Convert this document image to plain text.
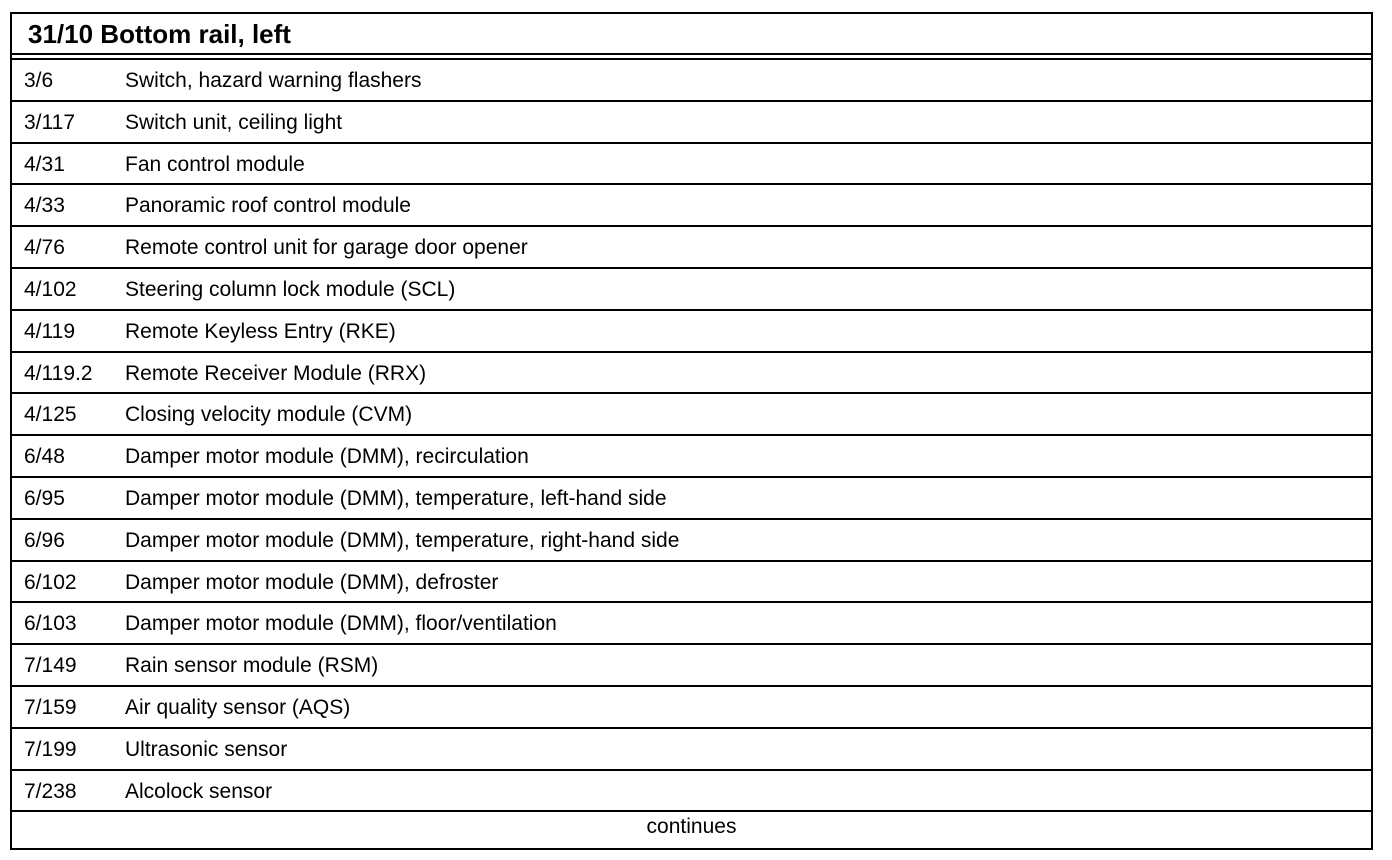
31/10 Bottom rail, left
3/6	Switch, hazard warning flashers
3/117 Switch unit, ceiling light
4/31	Fan control module
4/33	Panoramic roof control module
4/76	Remote control unit for garage door opener
4/102 Steering column lock module (SCL)
4/119 Remote Keyless Entry (RKE)
4/119.2 Remote Receiver Module (RRX)
4/125 Closing velocity module (CVM)
6/48	Damper motor module (DMM), recirculation
6/95	Damper motor module (DMM), temperature, left-hand side
6/96	Damper motor module (DMM), temperature, right-hand side
6/102 Damper motor module (DMM), defroster
6/103 Damper motor module (DMM), floor/ventilation
7/149 Rain sensor module (RSM)
7/159 Air quality sensor (AQS)
7/199 Ultrasonic sensor
7/238 Alcolock sensor
continues
